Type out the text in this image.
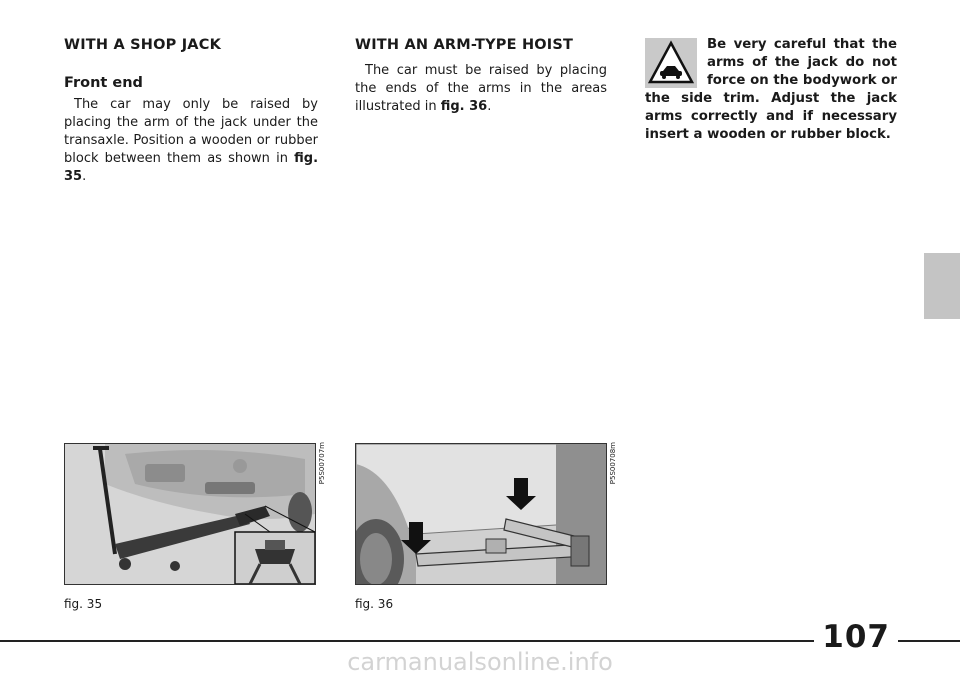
WITH A SHOP JACK
Front end

The car may only be raised by placing the arm of the jack under the transaxle. Position a wooden or rubber block between them as shown in fig. 35.

WITH AN ARM-TYPE HOIST

The car must be raised by placing the ends of the arms in the areas illustrated in fig. 36.

Be very careful that the arms of the jack do not force on the bodywork or the side trim. Adjust the jack arms correctly and if necessary insert a wooden or rubber block.

P5S00707m
fig. 35
P5S00708m
fig. 36
107
carmanualsonline.info
